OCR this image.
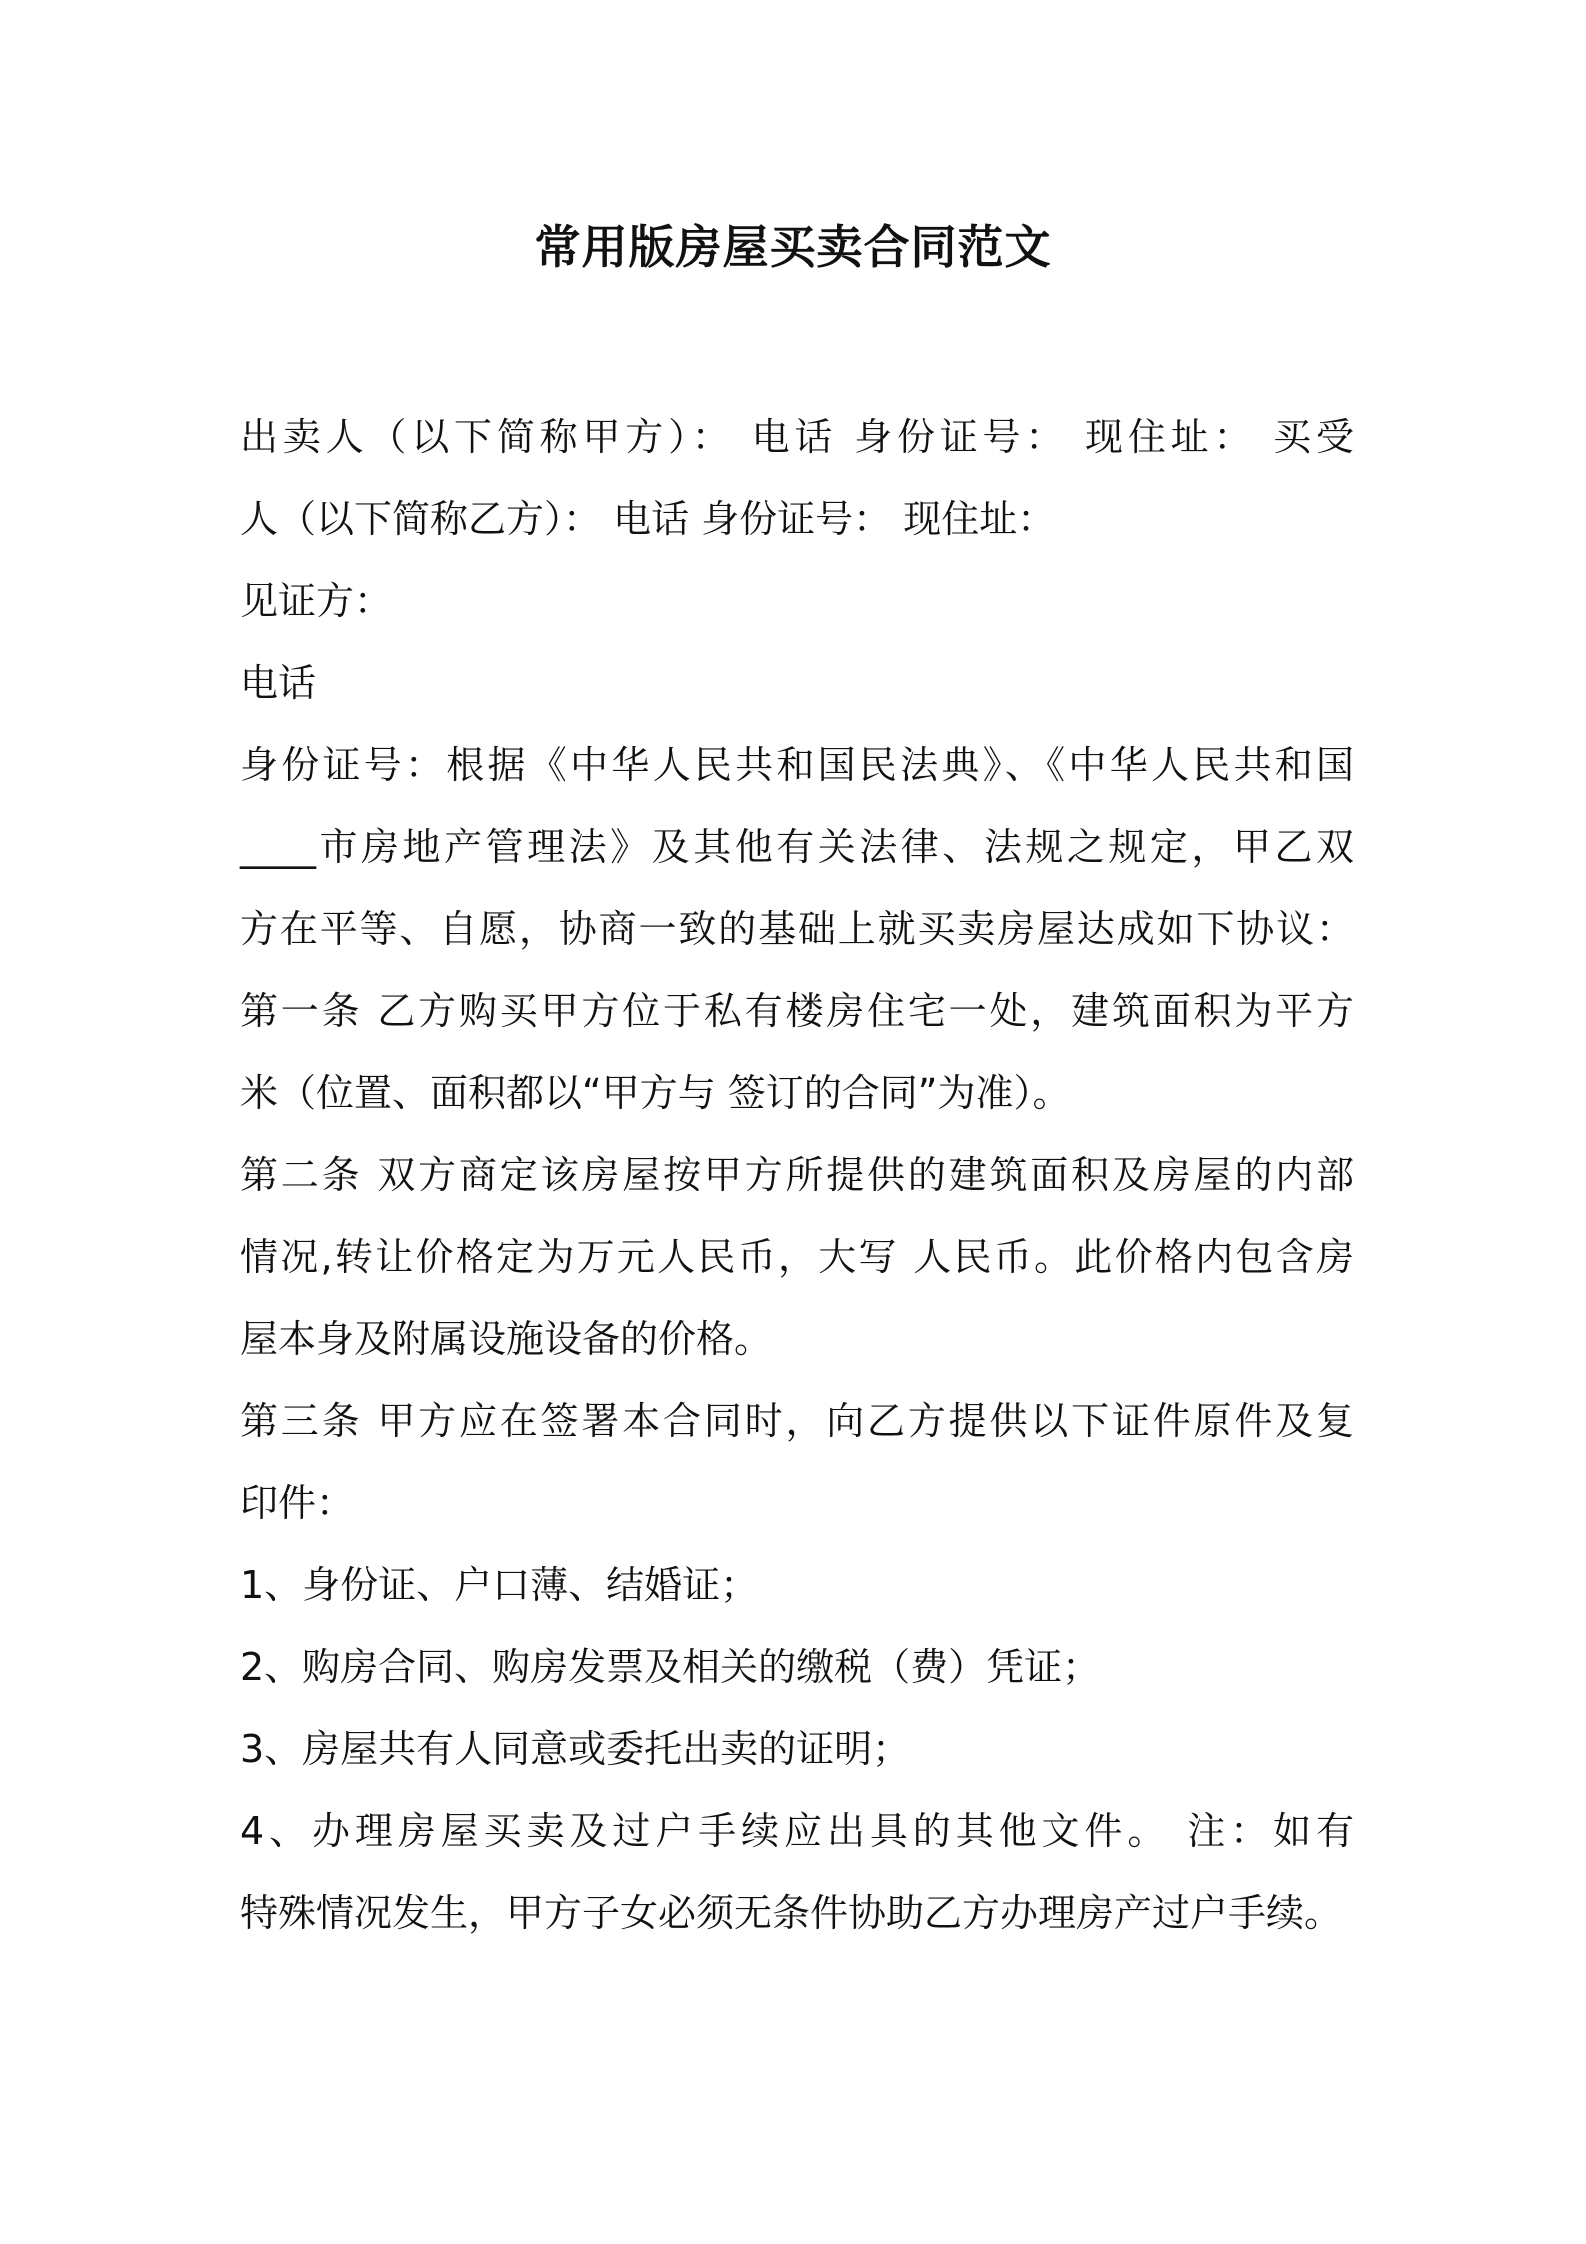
常用版房屋买卖合同范文

出卖人（以下简称甲方）： 电话 身份证号： 现住址： 买受

人（以下简称乙方）： 电话 身份证号： 现住址：

见证方：

电话

身份证号：根据《中华人民共和国民法典》、《中华人民共和国

____市房地产管理法》及其他有关法律、法规之规定，甲乙双

方在平等、自愿，协商一致的基础上就买卖房屋达成如下协议：

第一条 乙方购买甲方位于私有楼房住宅一处，建筑面积为平方

米（位置、面积都以“甲方与 签订的合同”为准）。

第二条 双方商定该房屋按甲方所提供的建筑面积及房屋的内部

情况,转让价格定为万元人民币，大写 人民币。此价格内包含房

屋本身及附属设施设备的价格。

第三条 甲方应在签署本合同时，向乙方提供以下证件原件及复

印件：

1、身份证、户口薄、结婚证；

2、购房合同、购房发票及相关的缴税（费）凭证；

3、房屋共有人同意或委托出卖的证明；

4、办理房屋买卖及过户手续应出具的其他文件。 注：如有

特殊情况发生，甲方子女必须无条件协助乙方办理房产过户手续。
